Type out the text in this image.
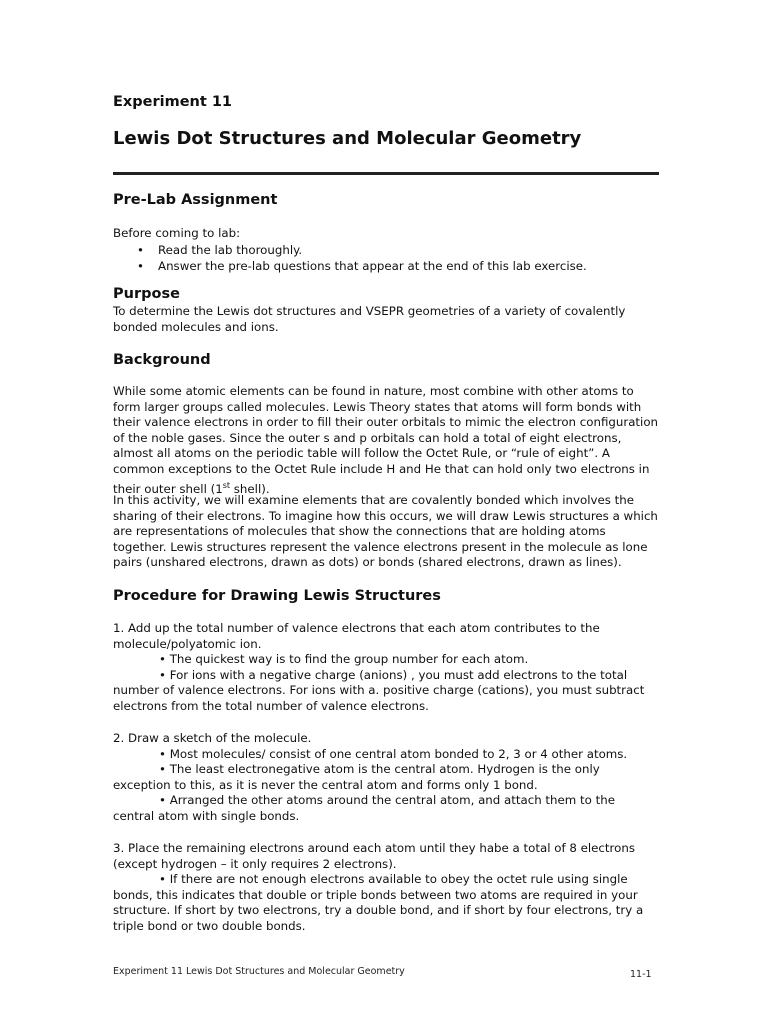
Experiment 11
Lewis Dot Structures and Molecular Geometry
Pre-Lab Assignment
Before coming to lab:
• Read the lab thoroughly.
• Answer the pre-lab questions that appear at the end of this lab exercise.
Purpose
To determine the Lewis dot structures and VSEPR geometries of a variety of covalently bonded molecules and ions.
Background
While some atomic elements can be found in nature, most combine with other atoms to form larger groups called molecules. Lewis Theory states that atoms will form bonds with their valence electrons in order to fill their outer orbitals to mimic the electron configuration of the noble gases. Since the outer s and p orbitals can hold a total of eight electrons, almost all atoms on the periodic table will follow the Octet Rule, or “rule of eight”. A common exceptions to the Octet Rule include H and He that can hold only two electrons in their outer shell (1st shell).
In this activity, we will examine elements that are covalently bonded which involves the sharing of their electrons. To imagine how this occurs, we will draw Lewis structures a which are representations of molecules that show the connections that are holding atoms together. Lewis structures represent the valence electrons present in the molecule as lone pairs (unshared electrons, drawn as dots) or bonds (shared electrons, drawn as lines).
Procedure for Drawing Lewis Structures
1. Add up the total number of valence electrons that each atom contributes to the molecule/polyatomic ion.
• The quickest way is to find the group number for each atom.
• For ions with a negative charge (anions) , you must add electrons to the total number of valence electrons. For ions with a. positive charge (cations), you must subtract electrons from the total number of valence electrons.
2. Draw a sketch of the molecule.
• Most molecules/ consist of one central atom bonded to 2, 3 or 4 other atoms.
• The least electronegative atom is the central atom. Hydrogen is the only exception to this, as it is never the central atom and forms only 1 bond.
• Arranged the other atoms around the central atom, and attach them to the central atom with single bonds.
3. Place the remaining electrons around each atom until they habe a total of 8 electrons (except hydrogen – it only requires 2 electrons).
• If there are not enough electrons available to obey the octet rule using single bonds, this indicates that double or triple bonds between two atoms are required in your structure. If short by two electrons, try a double bond, and if short by four electrons, try a triple bond or two double bonds.
Experiment 11 Lewis Dot Structures and Molecular Geometry	11-1
